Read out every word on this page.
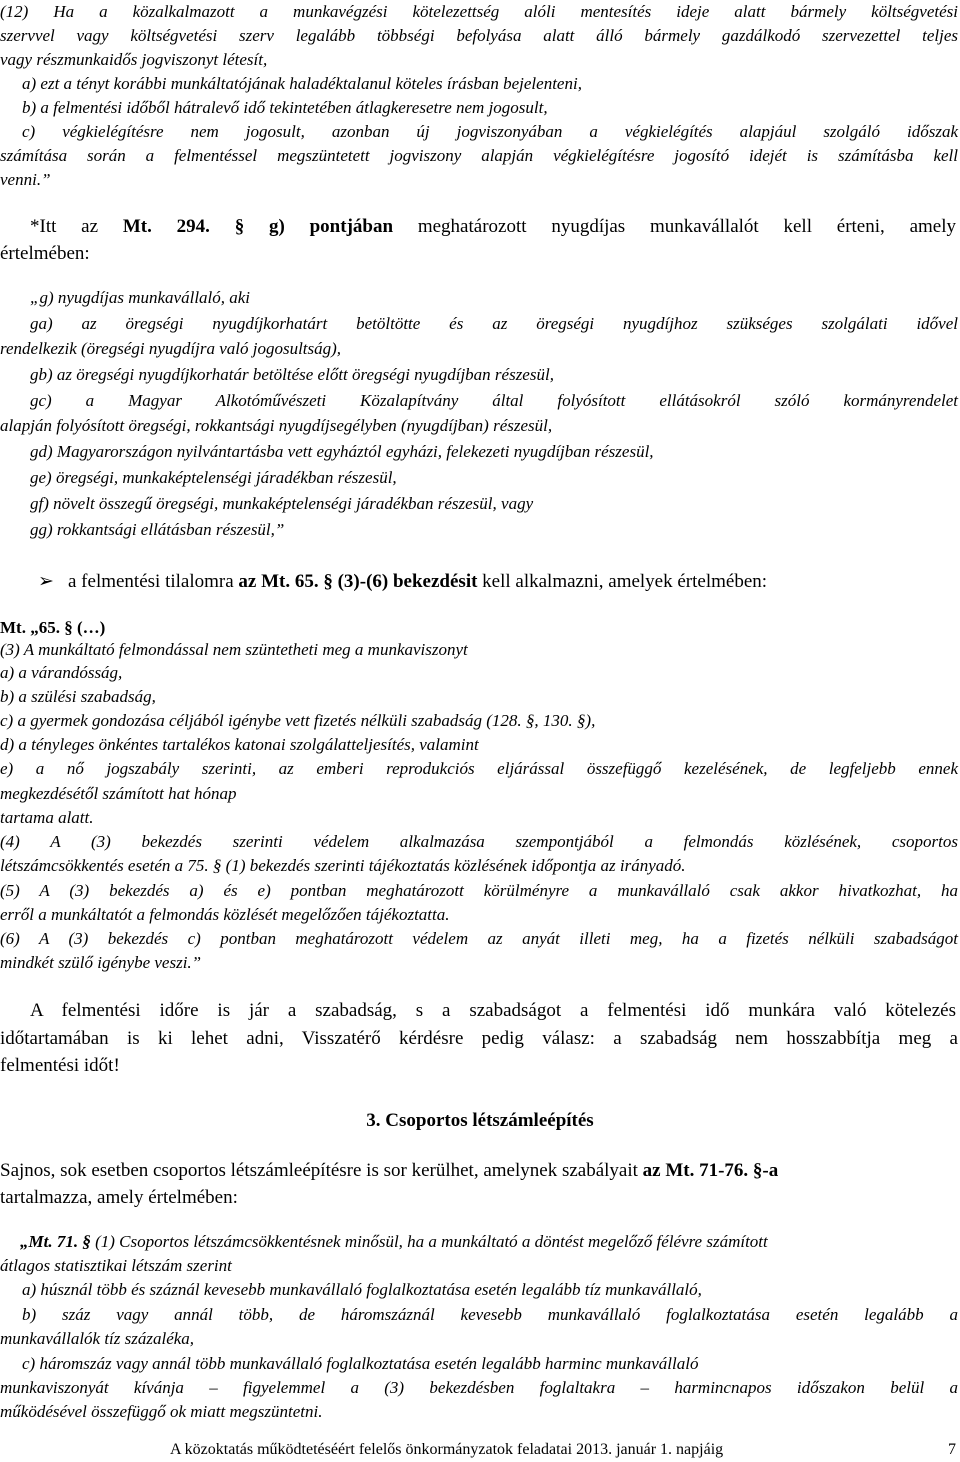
(12) Ha a közalkalmazott a munkavégzési kötelezettség alóli mentesítés ideje alatt bármely költségvetési
szervvel vagy költségvetési szerv legalább többségi befolyása alatt álló bármely gazdálkodó szervezettel teljes
vagy részmunkaidős jogviszonyt létesít,
a) ezt a tényt korábbi munkáltatójának haladéktalanul köteles írásban bejelenteni,
b) a felmentési időből hátralevő idő tekintetében átlagkeresetre nem jogosult,
c) végkielégítésre nem jogosult, azonban új jogviszonyában a végkielégítés alapjául szolgáló időszak
számítása során a felmentéssel megszüntetett jogviszony alapján végkielégítésre jogosító idejét is számításba kell
venni.”
*Itt az Mt. 294. § g) pontjában meghatározott nyugdíjas munkavállalót kell érteni, amely
értelmében:
„g) nyugdíjas munkavállaló, aki
ga) az öregségi nyugdíjkorhatárt betöltötte és az öregségi nyugdíjhoz szükséges szolgálati idővel
rendelkezik (öregségi nyugdíjra való jogosultság),
gb) az öregségi nyugdíjkorhatár betöltése előtt öregségi nyugdíjban részesül,
gc) a Magyar Alkotóművészeti Közalapítvány által folyósított ellátásokról szóló kormányrendelet
alapján folyósított öregségi, rokkantsági nyugdíjsegélyben (nyugdíjban) részesül,
gd) Magyarországon nyilvántartásba vett egyháztól egyházi, felekezeti nyugdíjban részesül,
ge) öregségi, munkaképtelenségi járadékban részesül,
gf) növelt összegű öregségi, munkaképtelenségi járadékban részesül, vagy
gg) rokkantsági ellátásban részesül,”
➢ a felmentési tilalomra az Mt. 65. § (3)-(6) bekezdésit kell alkalmazni, amelyek értelmében:
Mt. „65. § (…)
(3) A munkáltató felmondással nem szüntetheti meg a munkaviszonyt
a) a várandósság,
b) a szülési szabadság,
c) a gyermek gondozása céljából igénybe vett fizetés nélküli szabadság (128. §, 130. §),
d) a tényleges önkéntes tartalékos katonai szolgálatteljesítés, valamint
e) a nő jogszabály szerinti, az emberi reprodukciós eljárással összefüggő kezelésének, de legfeljebb ennek
megkezdésétől számított hat hónap
tartama alatt.
(4) A (3) bekezdés szerinti védelem alkalmazása szempontjából a felmondás közlésének, csoportos
létszámcsökkentés esetén a 75. § (1) bekezdés szerinti tájékoztatás közlésének időpontja az irányadó.
(5) A (3) bekezdés a) és e) pontban meghatározott körülményre a munkavállaló csak akkor hivatkozhat, ha
erről a munkáltatót a felmondás közlését megelőzően tájékoztatta.
(6) A (3) bekezdés c) pontban meghatározott védelem az anyát illeti meg, ha a fizetés nélküli szabadságot
mindkét szülő igénybe veszi.”
A felmentési időre is jár a szabadság, s a szabadságot a felmentési idő munkára való kötelezés
időtartamában is ki lehet adni, Visszatérő kérdésre pedig válasz: a szabadság nem hosszabbítja meg a
felmentési időt!
3. Csoportos létszámleépítés
Sajnos, sok esetben csoportos létszámleépítésre is sor kerülhet, amelynek szabályait az Mt. 71-76. §-a
tartalmazza, amely értelmében:
„Mt. 71. § (1) Csoportos létszámcsökkentésnek minősül, ha a munkáltató a döntést megelőző félévre számított
átlagos statisztikai létszám szerint
a) húsznál több és száznál kevesebb munkavállaló foglalkoztatása esetén legalább tíz munkavállaló,
b) száz vagy annál több, de háromszáznál kevesebb munkavállaló foglalkoztatása esetén legalább a
munkavállalók tíz százaléka,
c) háromszáz vagy annál több munkavállaló foglalkoztatása esetén legalább harminc munkavállaló
munkaviszonyát kívánja – figyelemmel a (3) bekezdésben foglaltakra – harmincnapos időszakon belül a
működésével összefüggő ok miatt megszüntetni.
A közoktatás működtetéséért felelős önkormányzatok feladatai 2013. január 1. napjáig	7
